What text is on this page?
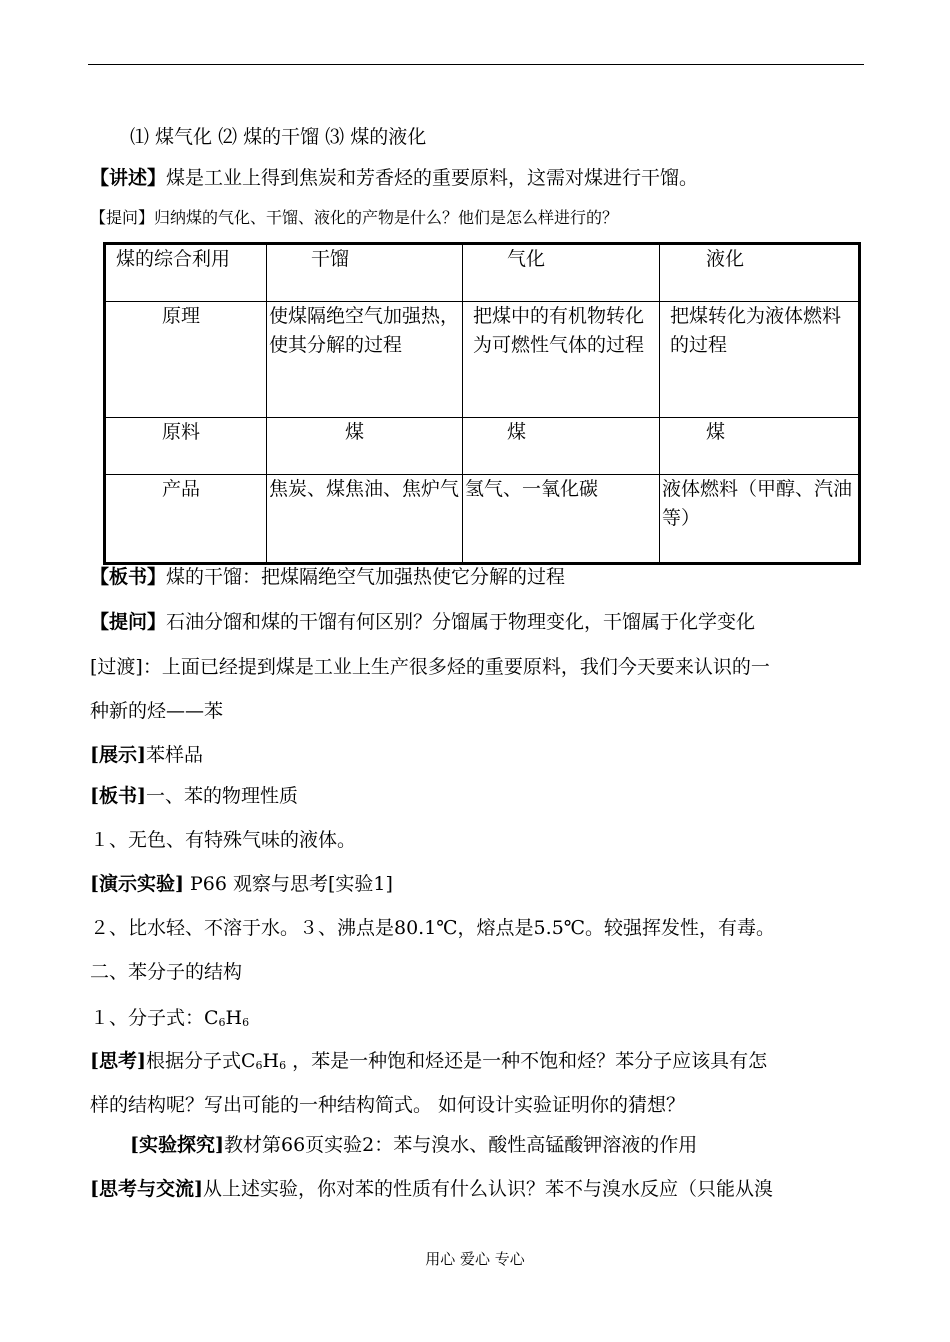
⑴ 煤气化 ⑵ 煤的干馏 ⑶ 煤的液化
【讲述】煤是工业上得到焦炭和芳香烃的重要原料，这需对煤进行干馏。
【提问】归纳煤的气化、干馏、液化的产物是什么？他们是怎么样进行的？
煤的综合利用	干馏	气化	液化
原理	使煤隔绝空气加强热，使其分解的过程	把煤中的有机物转化为可燃性气体的过程	把煤转化为液体燃料的过程
原料	煤	煤	煤
产品	焦炭、煤焦油、焦炉气	氢气、一氧化碳	液体燃料（甲醇、汽油等）
【板书】煤的干馏：把煤隔绝空气加强热使它分解的过程
【提问】石油分馏和煤的干馏有何区别？分馏属于物理变化，干馏属于化学变化
[过渡]：上面已经提到煤是工业上生产很多烃的重要原料，我们今天要来认识的一
种新的烃——苯
[展示]苯样品
[板书]一、苯的物理性质
１、无色、有特殊气味的液体。
[演示实验] P66 观察与思考[实验1]
２、比水轻、不溶于水。３、沸点是80.1℃，熔点是5.5℃。较强挥发性，有毒。
二、苯分子的结构
１、分子式：$C_6H_6$
[思考]根据分子式$C_6H_6$ ，苯是一种饱和烃还是一种不饱和烃？苯分子应该具有怎
样的结构呢？写出可能的一种结构简式。 如何设计实验证明你的猜想？
[实验探究]教材第66页实验2：苯与溴水、酸性高锰酸钾溶液的作用
[思考与交流]从上述实验，你对苯的性质有什么认识？苯不与溴水反应（只能从溴
用心 爱心 专心
